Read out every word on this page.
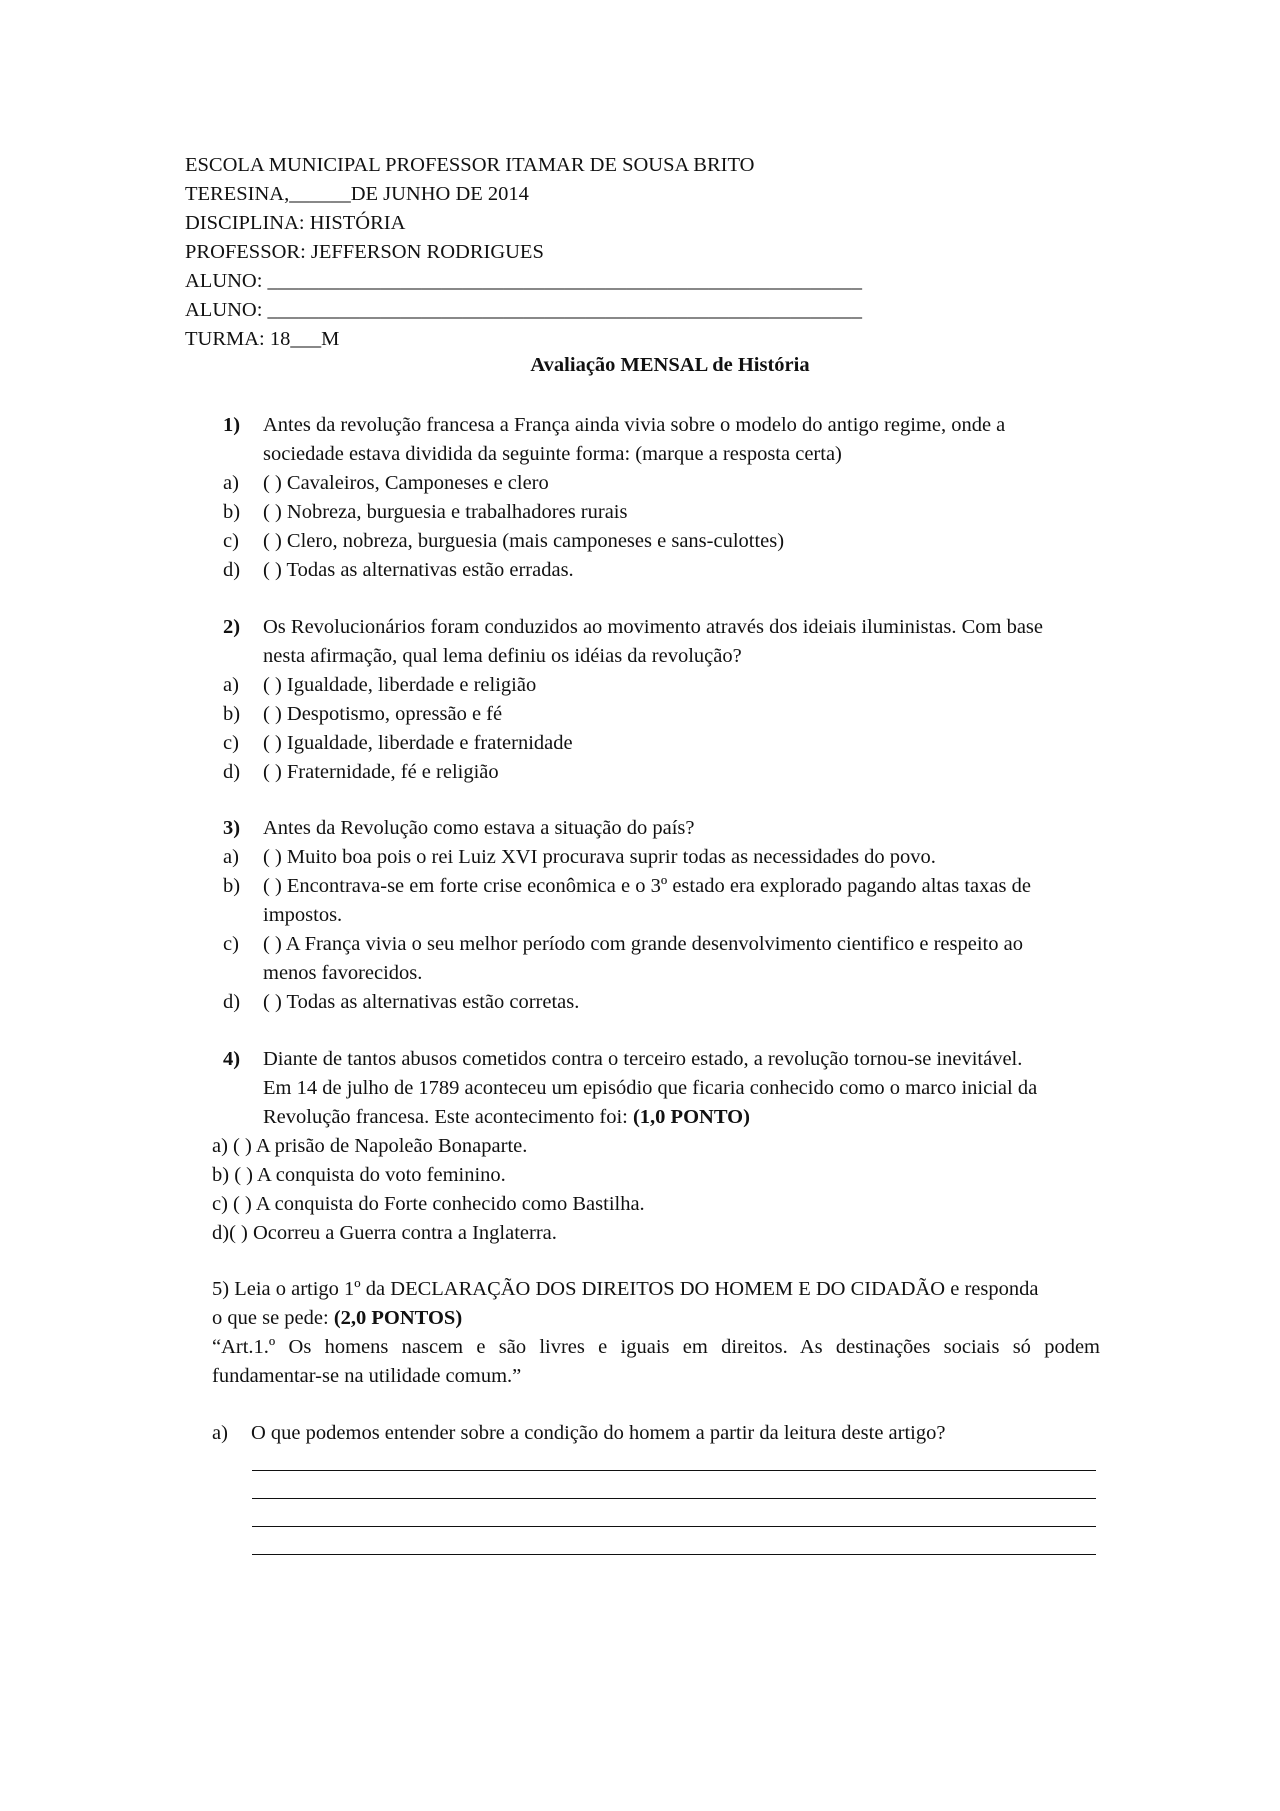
ESCOLA MUNICIPAL PROFESSOR ITAMAR DE SOUSA BRITO
TERESINA,______DE JUNHO DE 2014
DISCIPLINA: HISTÓRIA
PROFESSOR: JEFFERSON RODRIGUES
ALUNO: __________________________________________________________
ALUNO: __________________________________________________________
TURMA: 18___M
Avaliação MENSAL de História
1) Antes da revolução francesa a França ainda vivia sobre o modelo do antigo regime, onde a
sociedade estava dividida da seguinte forma: (marque a resposta certa)
a) ( ) Cavaleiros, Camponeses e clero
b) ( ) Nobreza, burguesia e trabalhadores rurais
c) ( ) Clero, nobreza, burguesia (mais camponeses e sans-culottes)
d) ( ) Todas as alternativas estão erradas.
2) Os Revolucionários foram conduzidos ao movimento através dos ideiais iluministas. Com base
nesta afirmação, qual lema definiu os idéias da revolução?
a) ( ) Igualdade, liberdade e religião
b) ( ) Despotismo, opressão e fé
c) ( ) Igualdade, liberdade e fraternidade
d) ( ) Fraternidade, fé e religião
3) Antes da Revolução como estava a situação do país?
a) ( ) Muito boa pois o rei Luiz XVI procurava suprir todas as necessidades do povo.
b) ( ) Encontrava-se em forte crise econômica e o 3º estado era explorado pagando altas taxas de
impostos.
c) ( ) A França vivia o seu melhor período com grande desenvolvimento cientifico e respeito ao
menos favorecidos.
d) ( ) Todas as alternativas estão corretas.
4) Diante de tantos abusos cometidos contra o terceiro estado, a revolução tornou-se inevitável.
Em 14 de julho de 1789 aconteceu um episódio que ficaria conhecido como o marco inicial da
Revolução francesa. Este acontecimento foi: (1,0 PONTO)
a) ( ) A prisão de Napoleão Bonaparte.
b) ( ) A conquista do voto feminino.
c) ( ) A conquista do Forte conhecido como Bastilha.
d)( ) Ocorreu a Guerra contra a Inglaterra.
5) Leia o artigo 1º da DECLARAÇÃO DOS DIREITOS DO HOMEM E DO CIDADÃO e responda
o que se pede: (2,0 PONTOS)
“Art.1.º Os homens nascem e são livres e iguais em direitos. As destinações sociais só podem
fundamentar-se na utilidade comum.”
a) O que podemos entender sobre a condição do homem a partir da leitura deste artigo?
